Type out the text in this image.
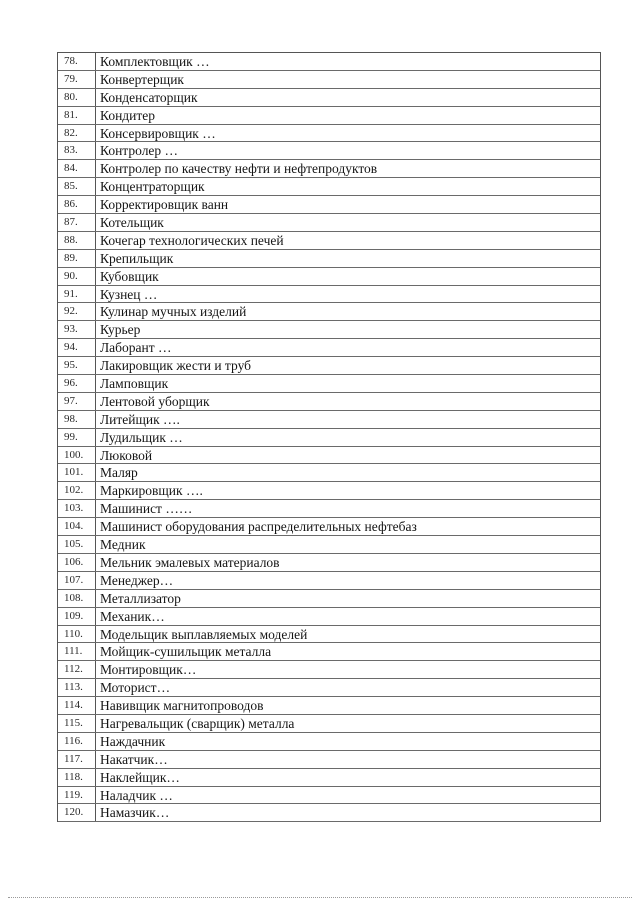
78.	Комплектовщик …
79.	Конвертерщик
80.	Конденсаторщик
81.	Кондитер
82.	Консервировщик …
83.	Контролер …
84.	Контролер по качеству нефти и нефтепродуктов
85.	Концентраторщик
86.	Корректировщик ванн
87.	Котельщик
88.	Кочегар технологических печей
89.	Крепильщик
90.	Кубовщик
91.	Кузнец …
92.	Кулинар мучных изделий
93.	Курьер
94.	Лаборант …
95.	Лакировщик жести и труб
96.	Ламповщик
97.	Лентовой уборщик
98.	Литейщик ….
99.	Лудильщик …
100.	Люковой
101.	Маляр
102.	Маркировщик ….
103.	Машинист ……
104.	Машинист оборудования распределительных нефтебаз
105.	Медник
106.	Мельник эмалевых материалов
107.	Менеджер…
108.	Металлизатор
109.	Механик…
110.	Модельщик выплавляемых моделей
111.	Мойщик-сушильщик металла
112.	Монтировщик…
113.	Моторист…
114.	Навивщик магнитопроводов
115.	Нагревальщик (сварщик) металла
116.	Наждачник
117.	Накатчик…
118.	Наклейщик…
119.	Наладчик …
120.	Намазчик…
